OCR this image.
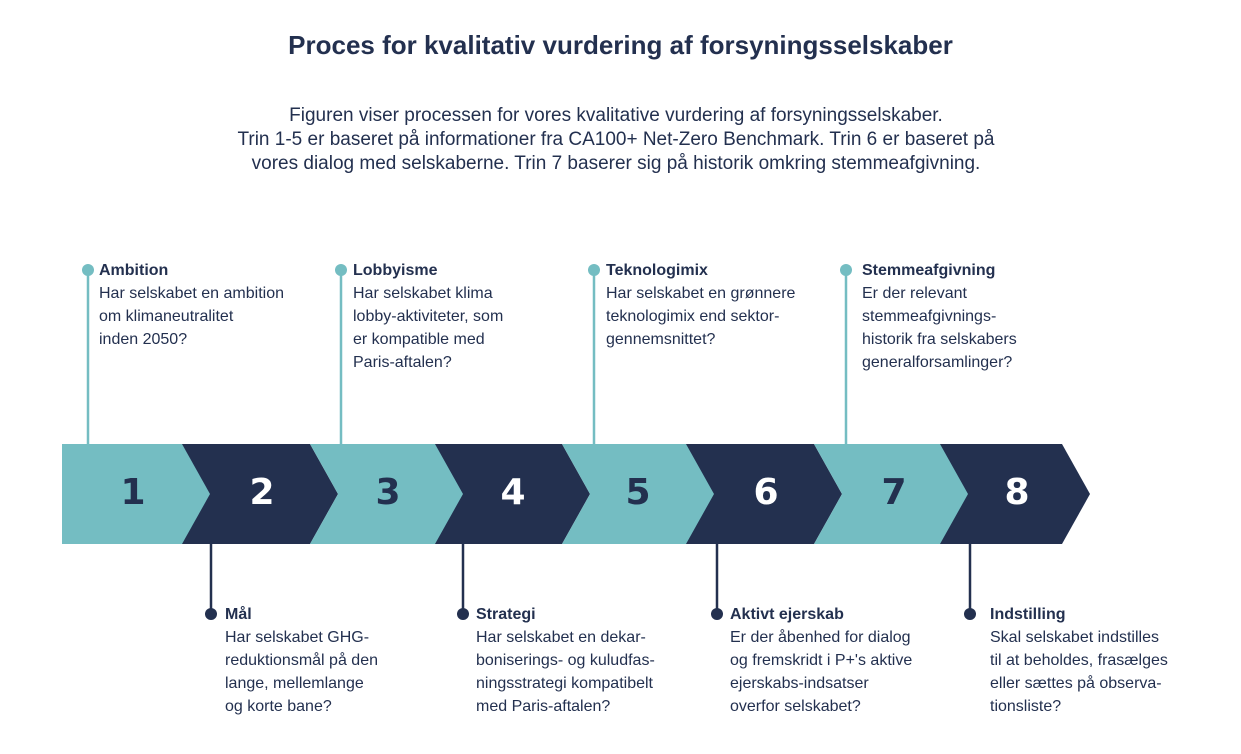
Proces for kvalitativ vurdering af forsyningsselskaber
Figuren viser processen for vores kvalitative vurdering af forsyningsselskaber.
Trin 1-5 er baseret på informationer fra CA100+ Net-Zero Benchmark. Trin 6 er baseret på
vores dialog med selskaberne. Trin 7 baserer sig på historik omkring stemmeafgivning.
1	2	3	4	5	6	7	8
Ambition
Har selskabet en ambition
om klimaneutralitet
inden 2050?
Lobbyisme
Har selskabet klima
lobby-aktiviteter, som
er kompatible med
Paris-aftalen?
Teknologimix
Har selskabet en grønnere
teknologimix end sektor-
gennemsnittet?
Stemmeafgivning
Er der relevant
stemmeafgivnings-
historik fra selskabers
generalforsamlinger?
Mål
Har selskabet GHG-
reduktionsmål på den
lange, mellemlange
og korte bane?
Strategi
Har selskabet en dekar-
boniserings- og kuludfas-
ningsstrategi kompatibelt
med Paris-aftalen?
Aktivt ejerskab
Er der åbenhed for dialog
og fremskridt i P+'s aktive
ejerskabs-indsatser
overfor selskabet?
Indstilling
Skal selskabet indstilles
til at beholdes, frasælges
eller sættes på observa-
tionsliste?
